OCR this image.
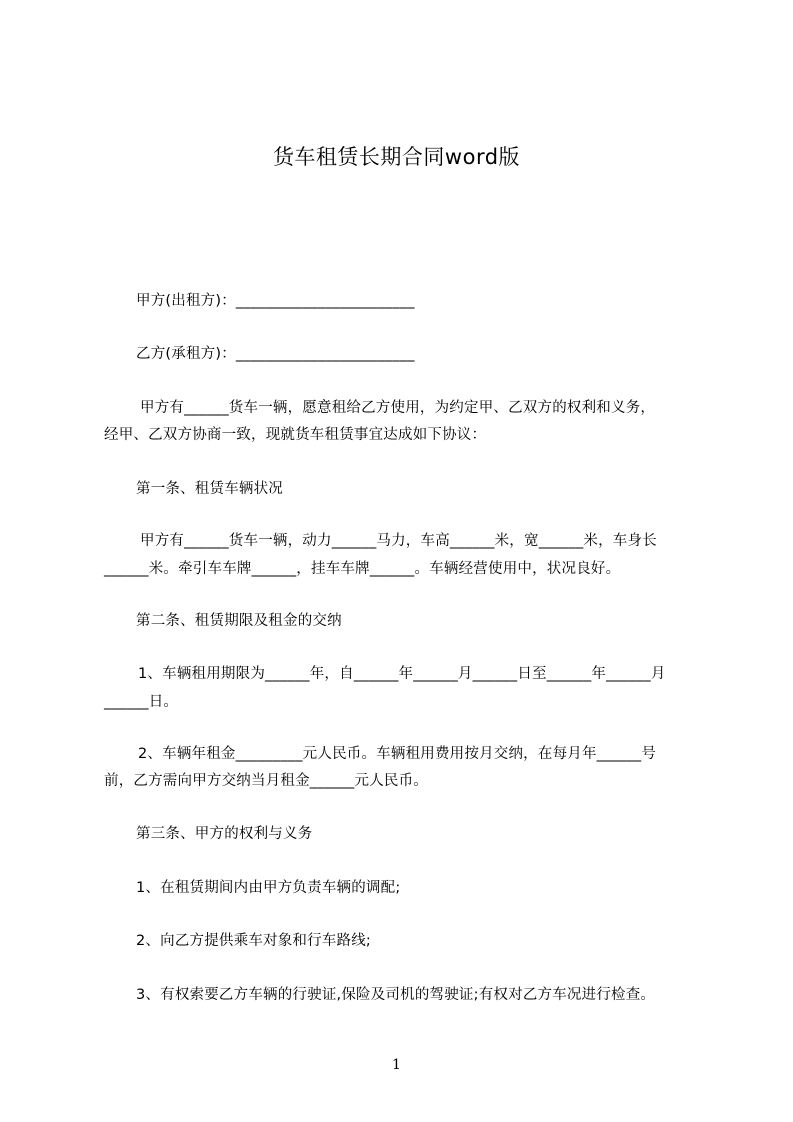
货车租赁长期合同word版
甲方(出租方)：________________________
乙方(承租方)：________________________
甲方有______货车一辆，愿意租给乙方使用，为约定甲、乙双方的权利和义务，
经甲、乙双方协商一致，现就货车租赁事宜达成如下协议：
第一条、租赁车辆状况
甲方有______货车一辆，动力______马力，车高______米，宽______米，车身长
______米。牵引车车牌______，挂车车牌______。车辆经营使用中，状况良好。
第二条、租赁期限及租金的交纳
1、车辆租用期限为______年，自______年______月______日至______年______月
______日。
2、车辆年租金_________元人民币。车辆租用费用按月交纳，在每月年______号
前，乙方需向甲方交纳当月租金______元人民币。
第三条、甲方的权利与义务
1、在租赁期间内由甲方负责车辆的调配;
2、向乙方提供乘车对象和行车路线;
3、有权索要乙方车辆的行驶证,保险及司机的驾驶证;有权对乙方车况进行检查。
1
